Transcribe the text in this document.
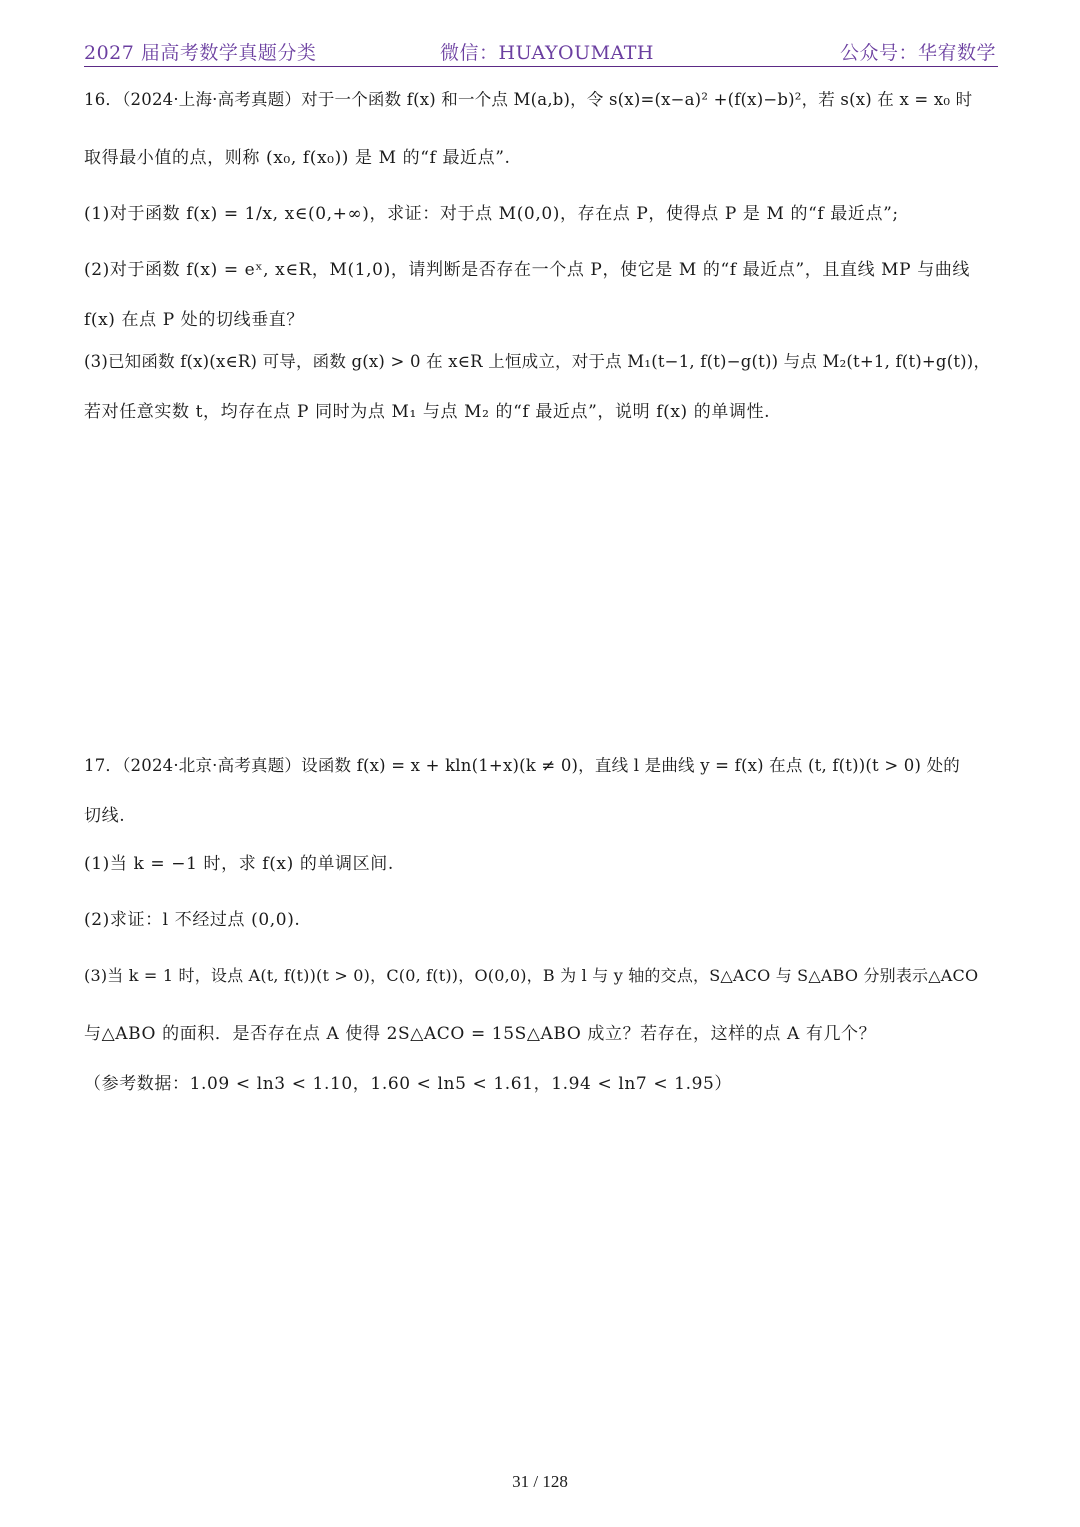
2027 届高考数学真题分类	微信：HUAYOUMATH	公众号：华宥数学
16．（2024·上海·高考真题）对于一个函数 f(x) 和一个点 M(a,b)，令 s(x)=(x−a)² +(f(x)−b)²，若 s(x) 在 x = x₀ 时
取得最小值的点，则称 (x₀, f(x₀)) 是 M 的“f 最近点”.
(1)对于函数 f(x) = 1/x, x∈(0,+∞)，求证：对于点 M(0,0)，存在点 P，使得点 P 是 M 的“f 最近点”;
(2)对于函数 f(x) = eˣ, x∈R，M(1,0)，请判断是否存在一个点 P，使它是 M 的“f 最近点”，且直线 MP 与曲线
f(x) 在点 P 处的切线垂直？
(3)已知函数 f(x)(x∈R) 可导，函数 g(x) > 0 在 x∈R 上恒成立，对于点 M₁(t−1, f(t)−g(t)) 与点 M₂(t+1, f(t)+g(t))，
若对任意实数 t，均存在点 P 同时为点 M₁ 与点 M₂ 的“f 最近点”，说明 f(x) 的单调性.
17．（2024·北京·高考真题）设函数 f(x) = x + kln(1+x)(k ≠ 0)，直线 l 是曲线 y = f(x) 在点 (t, f(t))(t > 0) 处的
切线.
(1)当 k = −1 时，求 f(x) 的单调区间.
(2)求证：l 不经过点 (0,0).
(3)当 k = 1 时，设点 A(t, f(t))(t > 0)，C(0, f(t))，O(0,0)，B 为 l 与 y 轴的交点，S△ACO 与 S△ABO 分别表示△ACO
与△ABO 的面积．是否存在点 A 使得 2S△ACO = 15S△ABO 成立？若存在，这样的点 A 有几个？
（参考数据：1.09 < ln3 < 1.10，1.60 < ln5 < 1.61，1.94 < ln7 < 1.95）
31 / 128
